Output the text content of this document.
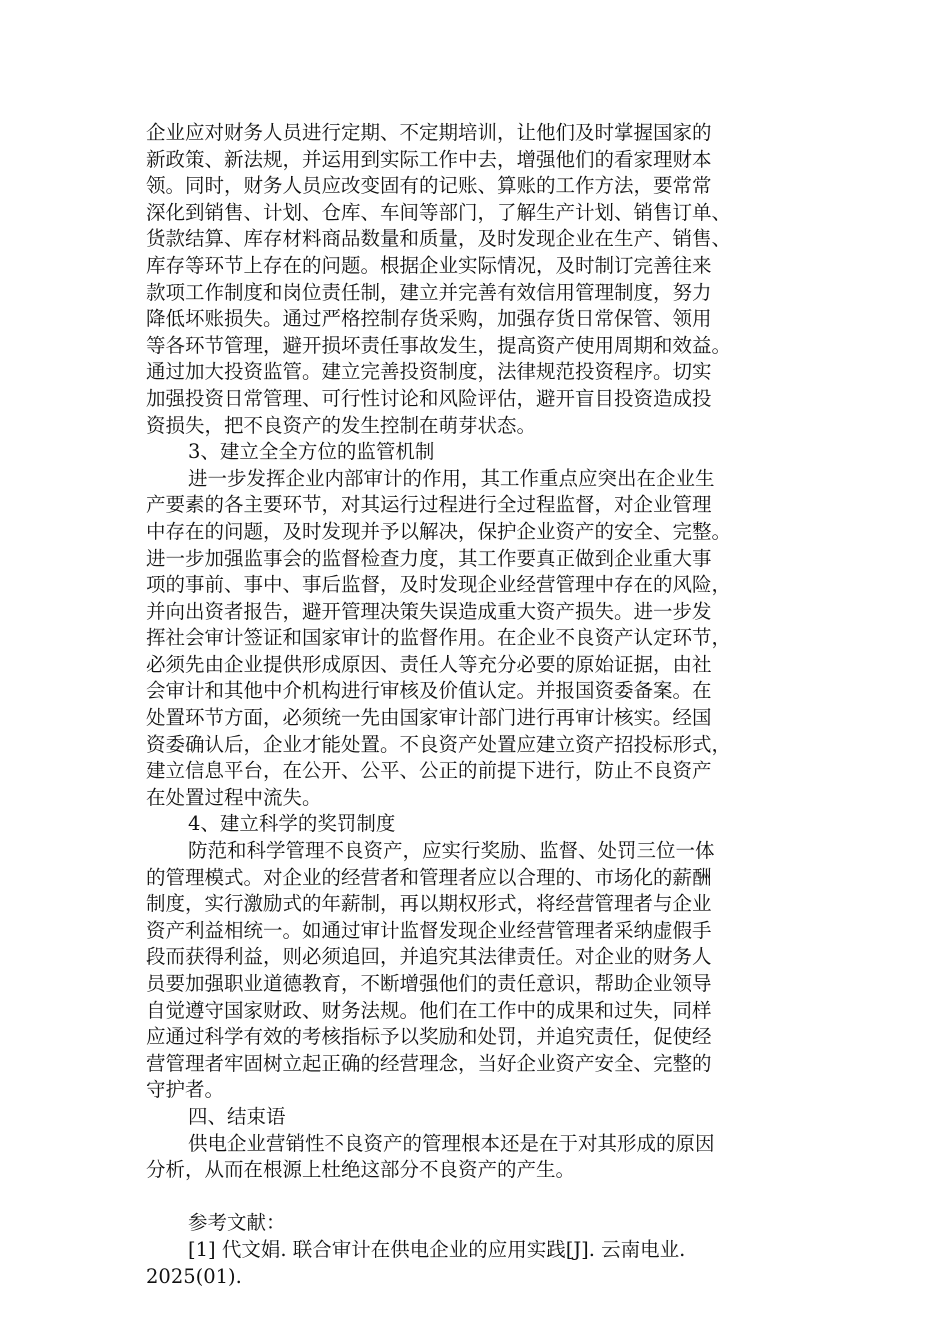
企业应对财务人员进行定期、不定期培训，让他们及时掌握国家的
新政策、新法规，并运用到实际工作中去，增强他们的看家理财本
领。同时，财务人员应改变固有的记账、算账的工作方法，要常常
深化到销售、计划、仓库、车间等部门，了解生产计划、销售订单、
货款结算、库存材料商品数量和质量，及时发现企业在生产、销售、
库存等环节上存在的问题。根据企业实际情况，及时制订完善往来
款项工作制度和岗位责任制，建立并完善有效信用管理制度，努力
降低坏账损失。通过严格控制存货采购，加强存货日常保管、领用
等各环节管理，避开损坏责任事故发生，提高资产使用周期和效益。
通过加大投资监管。建立完善投资制度，法律规范投资程序。切实
加强投资日常管理、可行性讨论和风险评估，避开盲目投资造成投
资损失，把不良资产的发生控制在萌芽状态。
3、建立全全方位的监管机制
进一步发挥企业内部审计的作用，其工作重点应突出在企业生
产要素的各主要环节，对其运行过程进行全过程监督，对企业管理
中存在的问题，及时发现并予以解决，保护企业资产的安全、完整。
进一步加强监事会的监督检查力度，其工作要真正做到企业重大事
项的事前、事中、事后监督，及时发现企业经营管理中存在的风险，
并向出资者报告，避开管理决策失误造成重大资产损失。进一步发
挥社会审计签证和国家审计的监督作用。在企业不良资产认定环节，
必须先由企业提供形成原因、责任人等充分必要的原始证据，由社
会审计和其他中介机构进行审核及价值认定。并报国资委备案。在
处置环节方面，必须统一先由国家审计部门进行再审计核实。经国
资委确认后，企业才能处置。不良资产处置应建立资产招投标形式，
建立信息平台，在公开、公平、公正的前提下进行，防止不良资产
在处置过程中流失。
4、建立科学的奖罚制度
防范和科学管理不良资产，应实行奖励、监督、处罚三位一体
的管理模式。对企业的经营者和管理者应以合理的、市场化的薪酬
制度，实行激励式的年薪制，再以期权形式，将经营管理者与企业
资产利益相统一。如通过审计监督发现企业经营管理者采纳虚假手
段而获得利益，则必须追回，并追究其法律责任。对企业的财务人
员要加强职业道德教育，不断增强他们的责任意识，帮助企业领导
自觉遵守国家财政、财务法规。他们在工作中的成果和过失，同样
应通过科学有效的考核指标予以奖励和处罚，并追究责任，促使经
营管理者牢固树立起正确的经营理念，当好企业资产安全、完整的
守护者。
四、结束语
供电企业营销性不良资产的管理根本还是在于对其形成的原因
分析，从而在根源上杜绝这部分不良资产的产生。
参考文献：
[1] 代文娟. 联合审计在供电企业的应用实践[J]. 云南电业.
2025(01).
